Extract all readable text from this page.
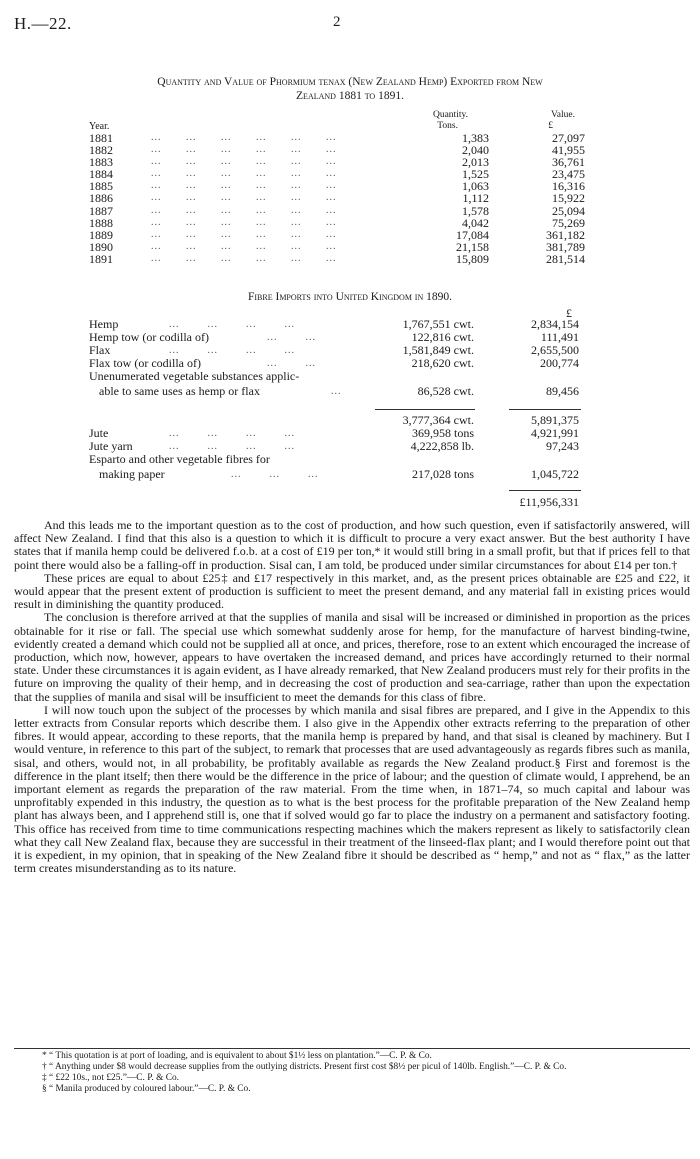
H.—22.	2
Quantity and Value of Phormium tenax (New Zealand Hemp) Exported from New
Zealand 1881 to 1891.
Quantity.
Tons.
Value.
£
Year.
1881	...       ...       ...       ...       ...       ...	1,383	27,097
1882	...       ...       ...       ...       ...       ...	2,040	41,955
1883	...       ...       ...       ...       ...       ...	2,013	36,761
1884	...       ...       ...       ...       ...       ...	1,525	23,475
1885	...       ...       ...       ...       ...       ...	1,063	16,316
1886	...       ...       ...       ...       ...       ...	1,112	15,922
1887	...       ...       ...       ...       ...       ...	1,578	25,094
1888	...       ...       ...       ...       ...       ...	4,042	75,269
1889	...       ...       ...       ...       ...       ...	17,084	361,182
1890	...       ...       ...       ...       ...       ...	21,158	381,789
1891	...       ...       ...       ...       ...       ...	15,809	281,514
Fibre Imports into United Kingdom in 1890.
£
Hemp	...        ...        ...        ...	1,767,551 cwt.	2,834,154
Hemp tow (or codilla of)	...        ...	122,816 cwt.	111,491
Flax	...        ...        ...        ...	1,581,849 cwt.	2,655,500
Flax tow (or codilla of)	...        ...	218,620 cwt.	200,774
Unenumerated vegetable substances applic-
able to same uses as hemp or flax	...	86,528 cwt.	89,456
3,777,364 cwt.	5,891,375
Jute	...        ...        ...        ...	369,958 tons	4,921,991
Jute yarn	...        ...        ...        ...	4,222,858 lb.	97,243
Esparto and other vegetable fibres for
making paper	...        ...        ...	217,028 tons	1,045,722
£11,956,331

And this leads me to the important question as to the cost of production, and how such question, even if satisfactorily answered, will affect New Zealand. I find that this also is a question to which it is difficult to procure a very exact answer. But the best authority I have states that if manila hemp could be delivered f.o.b. at a cost of £19 per ton,* it would still bring in a small profit, but that if prices fell to that point there would also be a falling-off in production. Sisal can, I am told, be produced under similar circumstances for about £14 per ton.†

These prices are equal to about £25‡ and £17 respectively in this market, and, as the present prices obtainable are £25 and £22, it would appear that the present extent of production is sufficient to meet the present demand, and any material fall in existing prices would result in diminishing the quantity produced.

The conclusion is therefore arrived at that the supplies of manila and sisal will be increased or diminished in proportion as the prices obtainable for it rise or fall. The special use which somewhat suddenly arose for hemp, for the manufacture of harvest binding-twine, evidently created a demand which could not be supplied all at once, and prices, therefore, rose to an extent which encouraged the increase of production, which now, however, appears to have overtaken the increased demand, and prices have accordingly returned to their normal state. Under these circumstances it is again evident, as I have already remarked, that New Zealand producers must rely for their profits in the future on improving the quality of their hemp, and in decreasing the cost of production and sea-carriage, rather than upon the expectation that the supplies of manila and sisal will be insufficient to meet the demands for this class of fibre.

I will now touch upon the subject of the processes by which manila and sisal fibres are prepared, and I give in the Appendix to this letter extracts from Consular reports which describe them. I also give in the Appendix other extracts referring to the preparation of other fibres. It would appear, according to these reports, that the manila hemp is prepared by hand, and that sisal is cleaned by machinery. But I would venture, in reference to this part of the subject, to remark that processes that are used advantageously as regards fibres such as manila, sisal, and others, would not, in all probability, be profitably available as regards the New Zealand product.§ First and foremost is the difference in the plant itself; then there would be the difference in the price of labour; and the question of climate would, I apprehend, be an important element as regards the preparation of the raw material. From the time when, in 1871–74, so much capital and labour was unprofitably expended in this industry, the question as to what is the best process for the profitable preparation of the New Zealand hemp plant has always been, and I apprehend still is, one that if solved would go far to place the industry on a permanent and satisfactory footing. This office has received from time to time communications respecting machines which the makers represent as likely to satisfactorily clean what they call New Zealand flax, because they are successful in their treatment of the linseed-flax plant; and I would therefore point out that it is expedient, in my opinion, that in speaking of the New Zealand fibre it should be described as “ hemp,” and not as “ flax,” as the latter term creates misunderstanding as to its nature.

* “ This quotation is at port of loading, and is equivalent to about $1½ less on plantation.”—C. P. & Co.

† “ Anything under $8 would decrease supplies from the outlying districts. Present first cost $8½ per picul of 140lb. English.”—C. P. & Co.

‡ “ £22 10s., not £25.”—C. P. & Co.

§ “ Manila produced by coloured labour.”—C. P. & Co.
